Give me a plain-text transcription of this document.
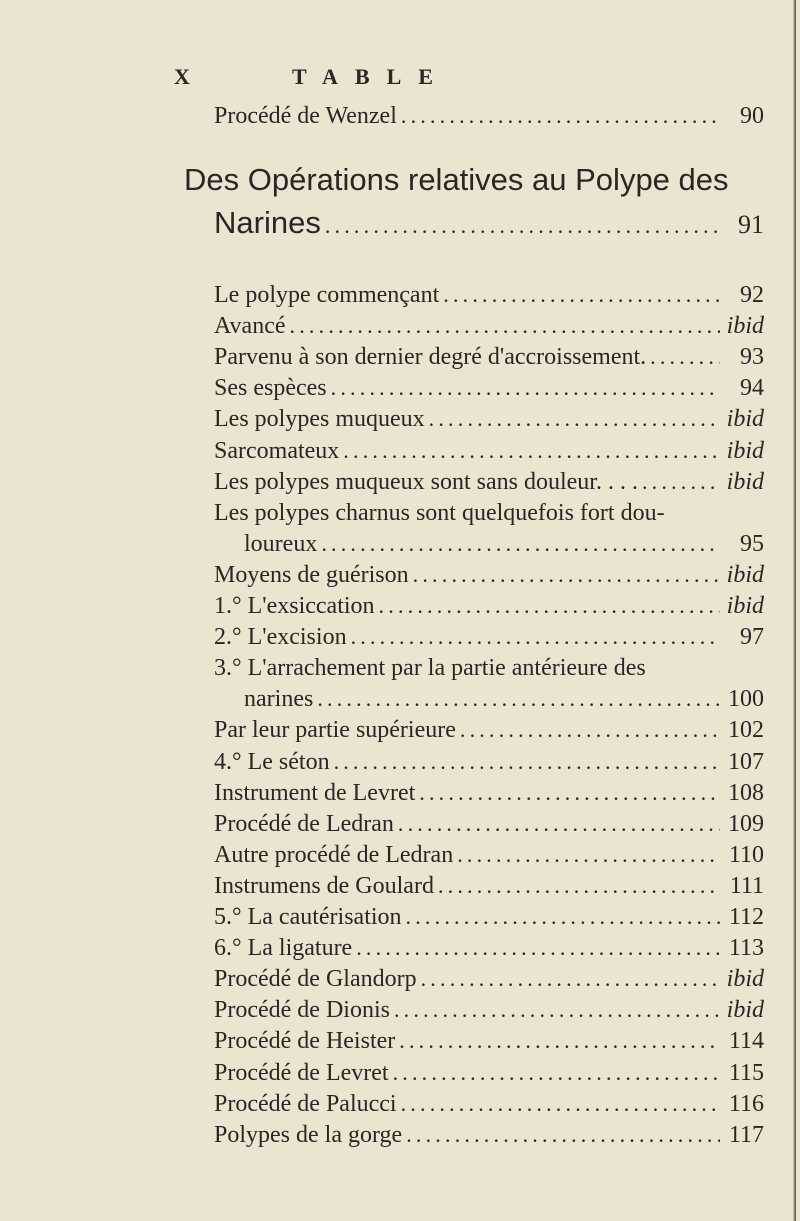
X	TABLE
Procédé de Wenzel .....	90
Des Opérations relatives au Polype des
Narines .....	91
Le polype commençant .....	92
Avancé .....	ibid
Parvenu à son dernier degré d'accroissement. .....	93
Ses espèces .....	94
Les polypes muqueux .....	ibid
Sarcomateux .....	ibid
Les polypes muqueux sont sans douleur. . . . .....	ibid
Les polypes charnus sont quelquefois fort dou-
loureux .....	95
Moyens de guérison .....	ibid
1.° L'exsiccation .....	ibid
2.° L'excision .....	97
3.° L'arrachement par la partie antérieure des
narines .....	100
Par leur partie supérieure .....	102
4.° Le séton .....	107
Instrument de Levret .....	108
Procédé de Ledran .....	109
Autre procédé de Ledran .....	110
Instrumens de Goulard .....	111
5.° La cautérisation .....	112
6.° La ligature .....	113
Procédé de Glandorp .....	ibid
Procédé de Dionis .....	ibid
Procédé de Heister .....	114
Procédé de Levret .....	115
Procédé de Palucci .....	116
Polypes de la gorge .....	117
